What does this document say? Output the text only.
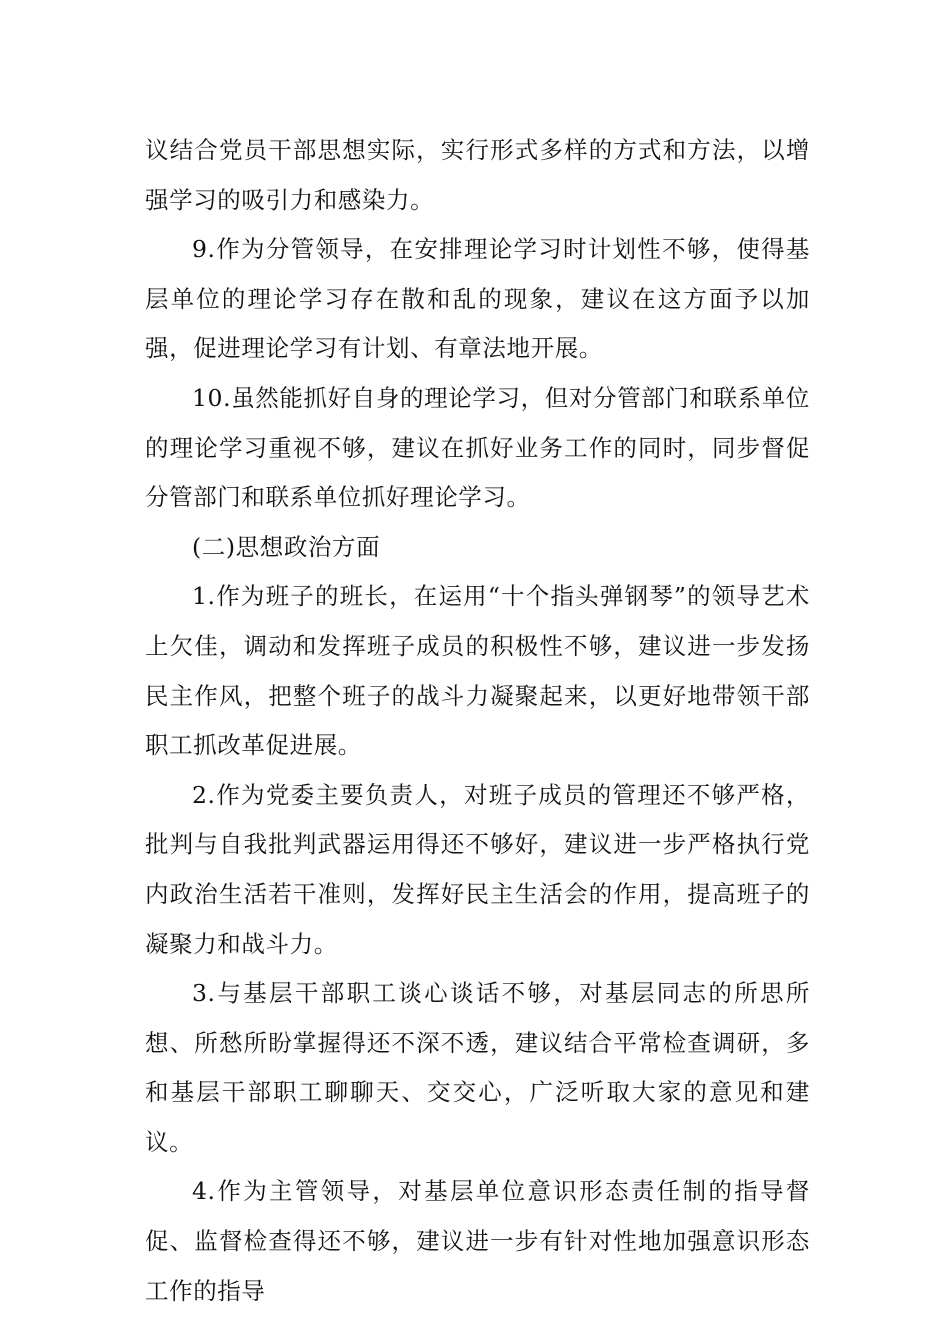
议结合党员干部思想实际，实行形式多样的方式和方法，以增强学习的吸引力和感染力。

9.作为分管领导，在安排理论学习时计划性不够，使得基层单位的理论学习存在散和乱的现象，建议在这方面予以加强，促进理论学习有计划、有章法地开展。

10.虽然能抓好自身的理论学习，但对分管部门和联系单位的理论学习重视不够，建议在抓好业务工作的同时，同步督促分管部门和联系单位抓好理论学习。

(二)思想政治方面

1.作为班子的班长，在运用“十个指头弹钢琴”的领导艺术上欠佳，调动和发挥班子成员的积极性不够，建议进一步发扬民主作风，把整个班子的战斗力凝聚起来，以更好地带领干部职工抓改革促进展。

2.作为党委主要负责人，对班子成员的管理还不够严格，批判与自我批判武器运用得还不够好，建议进一步严格执行党内政治生活若干准则，发挥好民主生活会的作用，提高班子的凝聚力和战斗力。

3.与基层干部职工谈心谈话不够，对基层同志的所思所想、所愁所盼掌握得还不深不透，建议结合平常检查调研，多和基层干部职工聊聊天、交交心，广泛听取大家的意见和建议。

4.作为主管领导，对基层单位意识形态责任制的指导督促、监督检查得还不够，建议进一步有针对性地加强意识形态工作的指导
